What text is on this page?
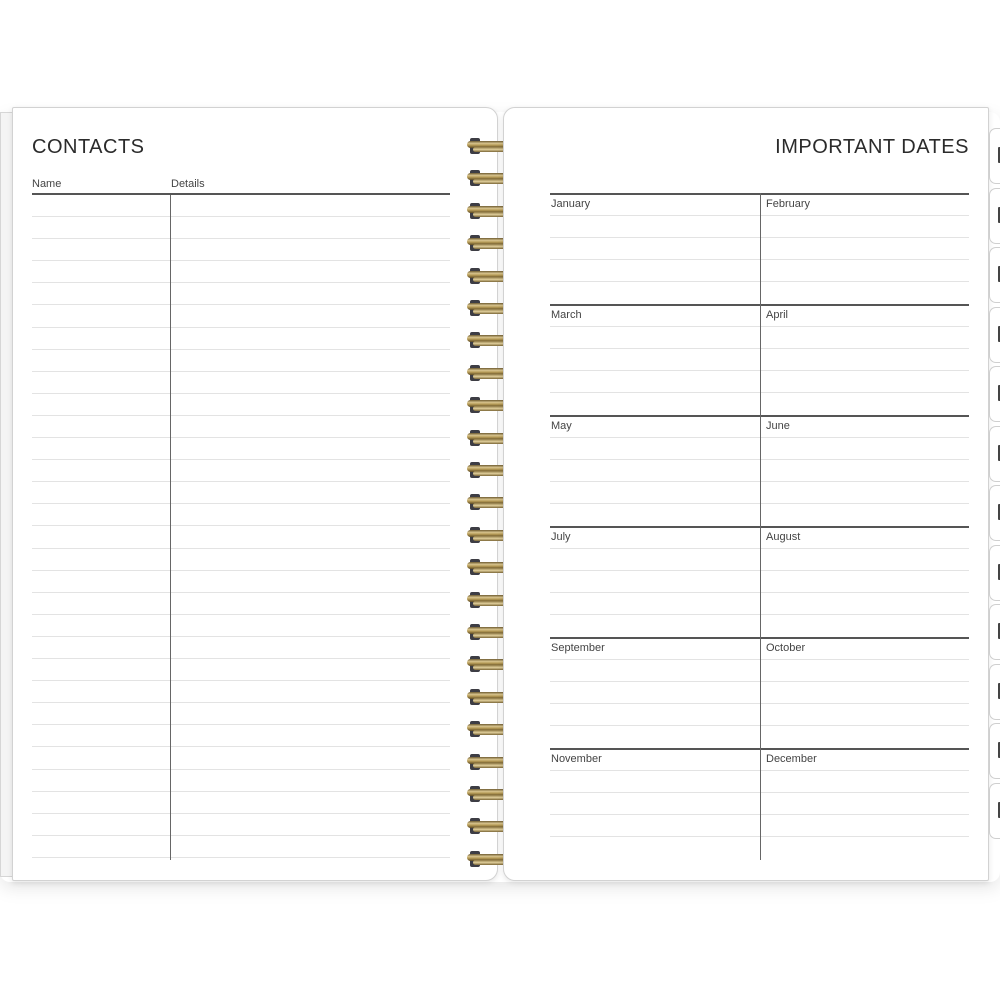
CONTACTS
Name	Details
IMPORTANT DATES
January	February
March	April
May	June
July	August
September	October
November	December
